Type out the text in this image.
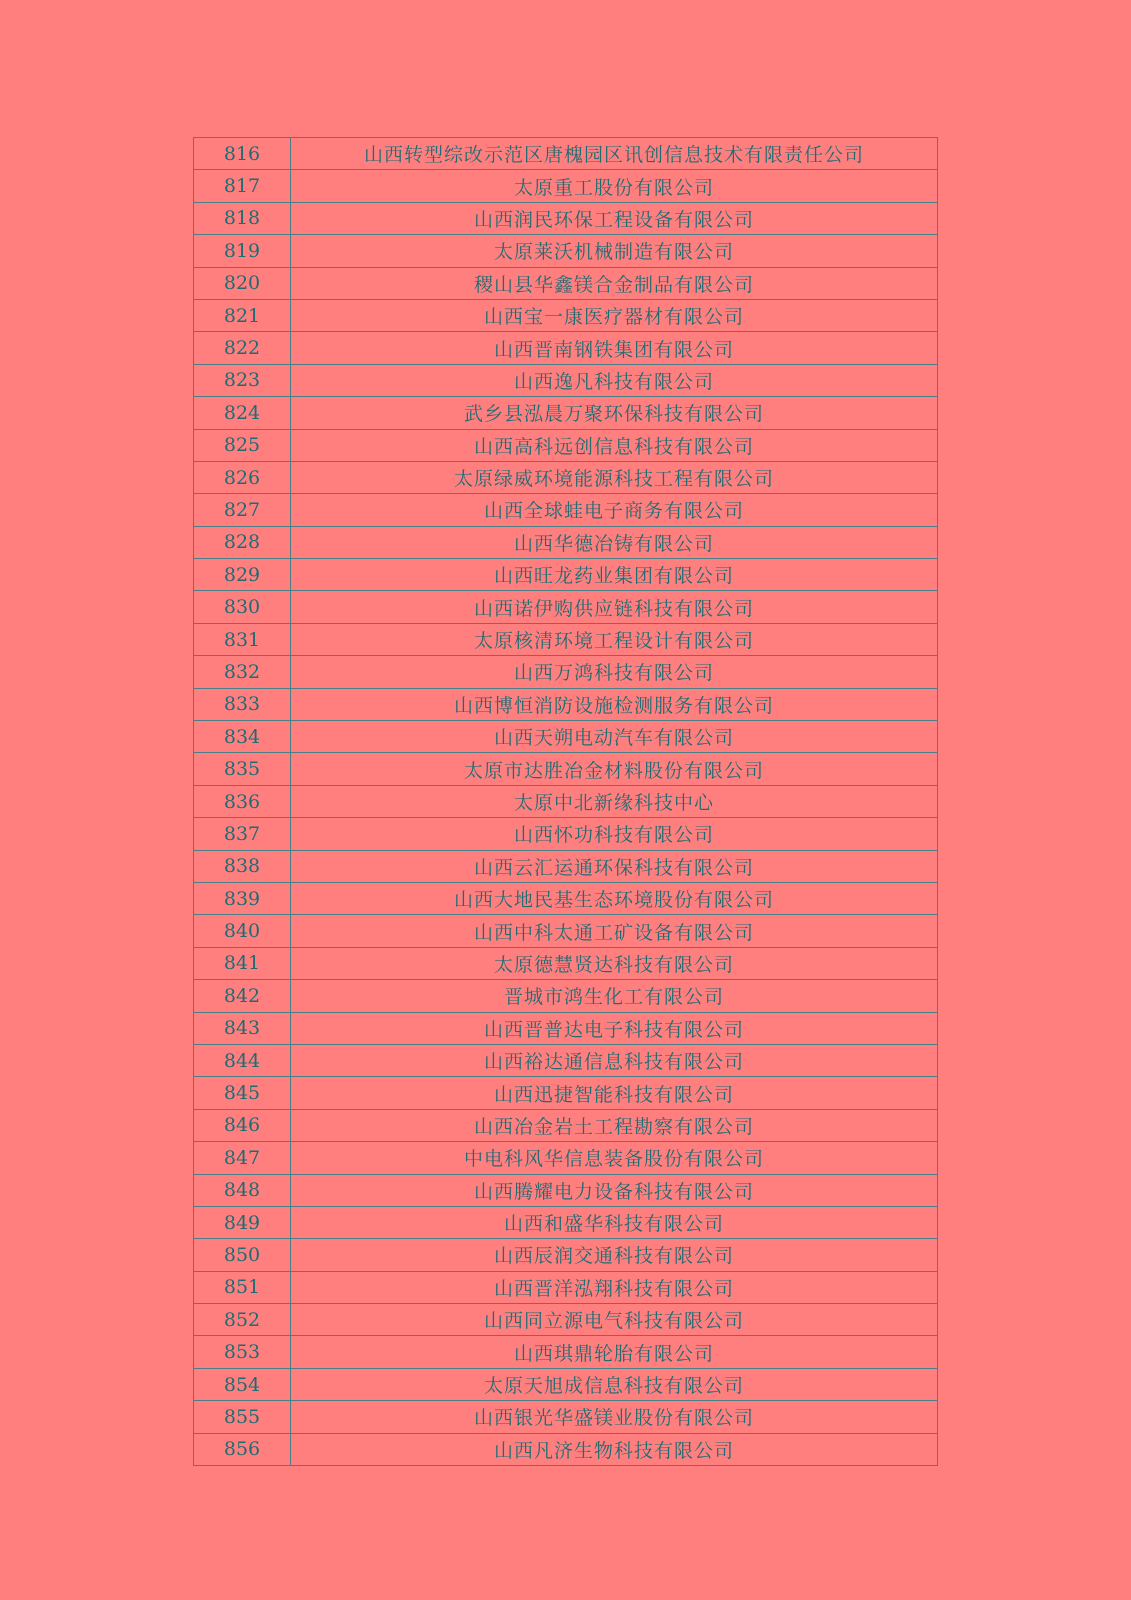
816	山西转型综改示范区唐槐园区讯创信息技术有限责任公司
817	太原重工股份有限公司
818	山西润民环保工程设备有限公司
819	太原莱沃机械制造有限公司
820	稷山县华鑫镁合金制品有限公司
821	山西宝一康医疗器材有限公司
822	山西晋南钢铁集团有限公司
823	山西逸凡科技有限公司
824	武乡县泓晨万聚环保科技有限公司
825	山西高科远创信息科技有限公司
826	太原绿威环境能源科技工程有限公司
827	山西全球蛙电子商务有限公司
828	山西华德冶铸有限公司
829	山西旺龙药业集团有限公司
830	山西诺伊购供应链科技有限公司
831	太原核清环境工程设计有限公司
832	山西万鸿科技有限公司
833	山西博恒消防设施检测服务有限公司
834	山西天朔电动汽车有限公司
835	太原市达胜冶金材料股份有限公司
836	太原中北新缘科技中心
837	山西怀功科技有限公司
838	山西云汇运通环保科技有限公司
839	山西大地民基生态环境股份有限公司
840	山西中科太通工矿设备有限公司
841	太原德慧贤达科技有限公司
842	晋城市鸿生化工有限公司
843	山西晋普达电子科技有限公司
844	山西裕达通信息科技有限公司
845	山西迅捷智能科技有限公司
846	山西冶金岩土工程勘察有限公司
847	中电科风华信息装备股份有限公司
848	山西腾耀电力设备科技有限公司
849	山西和盛华科技有限公司
850	山西辰润交通科技有限公司
851	山西晋洋泓翔科技有限公司
852	山西同立源电气科技有限公司
853	山西琪鼎轮胎有限公司
854	太原天旭成信息科技有限公司
855	山西银光华盛镁业股份有限公司
856	山西凡济生物科技有限公司
